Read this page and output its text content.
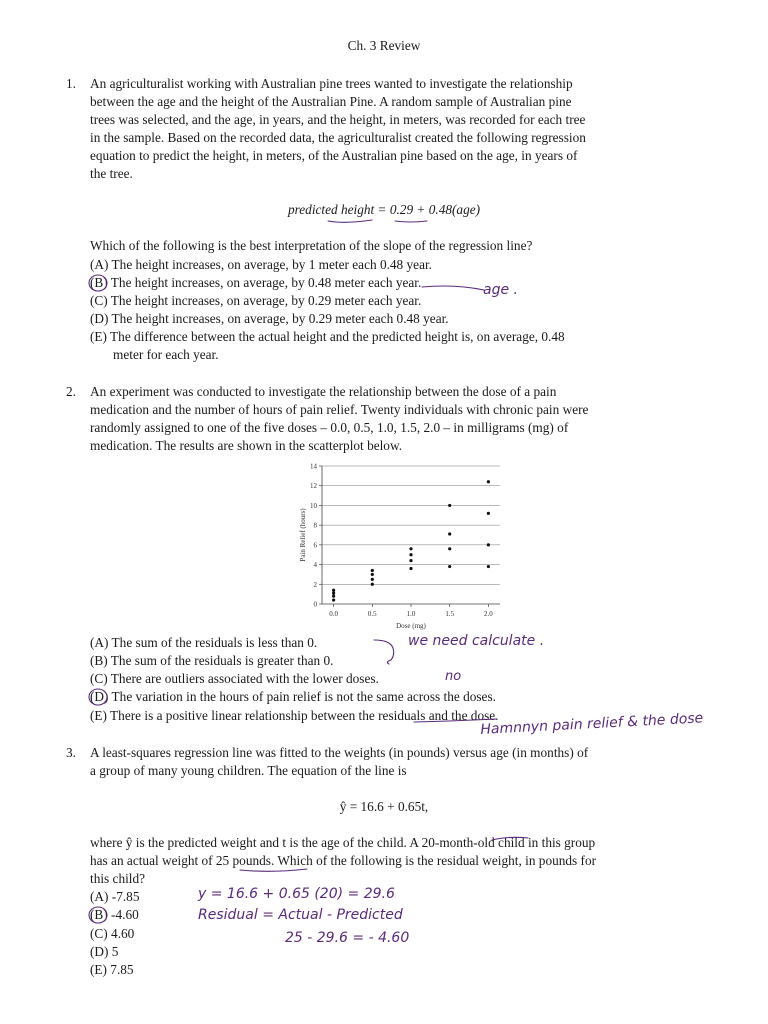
Ch. 3 Review
1. An agriculturalist working with Australian pine trees wanted to investigate the relationship
between the age and the height of the Australian Pine. A random sample of Australian pine
trees was selected, and the age, in years, and the height, in meters, was recorded for each tree
in the sample. Based on the recorded data, the agriculturalist created the following regression
equation to predict the height, in meters, of the Australian pine based on the age, in years of
the tree.
predicted height = 0.29 + 0.48(age)
Which of the following is the best interpretation of the slope of the regression line?
(A) The height increases, on average, by 1 meter each 0.48 year.
(B) The height increases, on average, by 0.48 meter each year.
(C) The height increases, on average, by 0.29 meter each year.
(D) The height increases, on average, by 0.29 meter each 0.48 year.
(E) The difference between the actual height and the predicted height is, on average, 0.48
meter for each year.
age .
2. An experiment was conducted to investigate the relationship between the dose of a pain
medication and the number of hours of pain relief. Twenty individuals with chronic pain were
randomly assigned to one of the five doses – 0.0, 0.5, 1.0, 1.5, 2.0 – in milligrams (mg) of
medication. The results are shown in the scatterplot below.
0
2
4
6
8
10
12
14
0.0	0.5	1.0	1.5	2.0
Dose (mg)
Pain Relief (hours)
(A) The sum of the residuals is less than 0.
(B) The sum of the residuals is greater than 0.
(C) There are outliers associated with the lower doses.
(D) The variation in the hours of pain relief is not the same across the doses.
(E) There is a positive linear relationship between the residuals and the dose.
we need calculate .
no
Hamnnyn pain relief & the dose
3. A least-squares regression line was fitted to the weights (in pounds) versus age (in months) of
a group of many young children. The equation of the line is
ŷ = 16.6 + 0.65t,
where ŷ is the predicted weight and t is the age of the child. A 20-month-old child in this group
has an actual weight of 25 pounds. Which of the following is the residual weight, in pounds for
this child?
(A) -7.85
(B) -4.60
(C) 4.60
(D) 5
(E) 7.85
y = 16.6 + 0.65 (20) = 29.6
Residual = Actual - Predicted
25 - 29.6 = - 4.60
